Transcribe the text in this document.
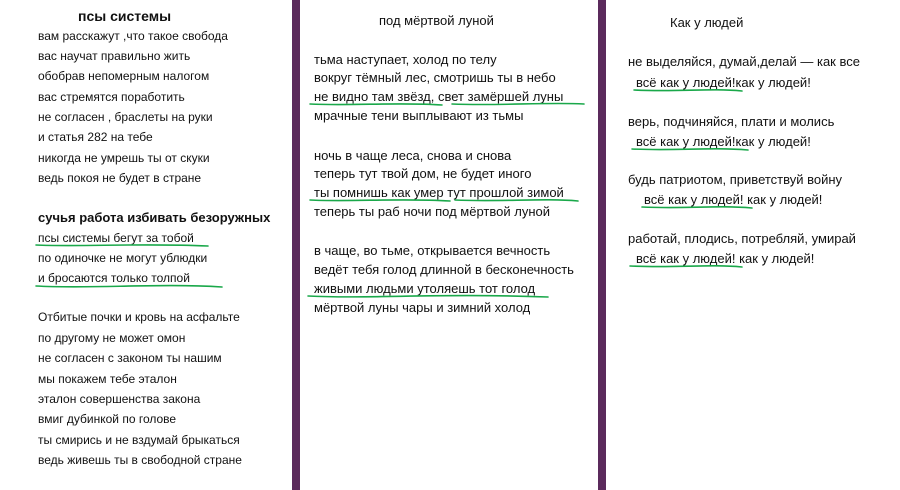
псы системы
вам расскажут ,что такое свобода
вас научат правильно жить
обобрав непомерным налогом
вас стремятся поработить
не согласен , браслеты на руки
и статья 282 на тебе
никогда не умрешь ты от скуки
ведь покоя не будет в стране
сучья работа избивать безоружных
псы системы бегут за тобой
по одиночке не могут ублюдки
и бросаются только толпой
Отбитые почки и кровь на асфальте
по другому не может омон
не согласен с законом ты нашим
мы покажем тебе эталон
эталон совершенства закона
вмиг дубинкой по голове
ты смирись и не вздумай брыкаться
ведь живешь ты в свободной стране
под мёртвой луной
тьма наступает, холод по телу
вокруг тёмный лес, смотришь ты в небо
не видно там звёзд, свет замёршей луны
мрачные тени выплывают из тьмы
ночь в чаще леса, снова и снова
теперь тут твой дом, не будет иного
ты помнишь как умер тут прошлой зимой
теперь ты раб ночи под мёртвой луной
в чаще, во тьме, открывается вечность
ведёт тебя голод длинной в бесконечность
живыми людьми утоляешь тот голод
мёртвой луны чары и зимний холод
Как у людей
не выделяйся, думай,делай — как все
всё как у людей!как у людей!
верь, подчиняйся, плати и молись
всё как у людей!как у людей!
будь патриотом, приветствуй войну
всё как у людей! как у людей!
работай, плодись, потребляй, умирай
всё как у людей! как у людей!
